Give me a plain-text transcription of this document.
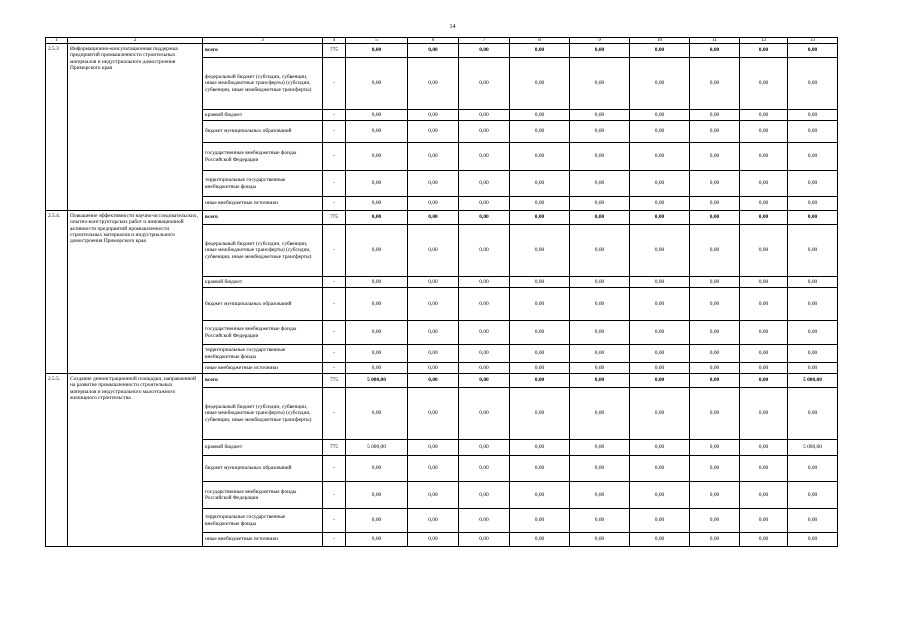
14
1	2	3	4	5	6	7	8	9	10	11	12	13
2.5.3	Информационно-консультационная поддержка предприятий промышленности строительных материалов и индустриального домостроения Приморского края	всего	775	0,00	0,00	0,00	0,00	0,00	0,00	0,00	0,00	0,00
		федеральный бюджет (субсидии, субвенции, иные межбюджетные трансферты) (субсидии, субвенции, иные межбюджетные трансферты)	-	0,00	0,00	0,00	0,00	0,00	0,00	0,00	0,00	0,00
		краевой бюджет	-	0,00	0,00	0,00	0,00	0,00	0,00	0,00	0,00	0,00
		бюджет муниципальных образований	-	0,00	0,00	0,00	0,00	0,00	0,00	0,00	0,00	0,00
		государственные внебюджетные фонды Российской Федерации	-	0,00	0,00	0,00	0,00	0,00	0,00	0,00	0,00	0,00
		территориальные государственные внебюджетные фонды	-	0,00	0,00	0,00	0,00	0,00	0,00	0,00	0,00	0,00
		иные внебюджетные источники	-	0,00	0,00	0,00	0,00	0,00	0,00	0,00	0,00	0,00
2.5.4.	Повышение эффективности научно-исследовательских, опытно-конструкторских работ и инновационной активности предприятий промышленности строительных материалов и индустриального домостроения Приморского края	всего	775	0,00	0,00	0,00	0,00	0,00	0,00	0,00	0,00	0,00
		федеральный бюджет (субсидии, субвенции, иные межбюджетные трансферты) (субсидии, субвенции, иные межбюджетные трансферты)	-	0,00	0,00	0,00	0,00	0,00	0,00	0,00	0,00	0,00
		краевой бюджет	-	0,00	0,00	0,00	0,00	0,00	0,00	0,00	0,00	0,00
		бюджет муниципальных образований	-	0,00	0,00	0,00	0,00	0,00	0,00	0,00	0,00	0,00
		государственные внебюджетные фонды Российской Федерации	-	0,00	0,00	0,00	0,00	0,00	0,00	0,00	0,00	0,00
		территориальные государственные внебюджетные фонды	-	0,00	0,00	0,00	0,00	0,00	0,00	0,00	0,00	0,00
		иные внебюджетные источники	-	0,00	0,00	0,00	0,00	0,00	0,00	0,00	0,00	0,00
2.5.5.	Создание демонстрационной площадки, направленной на развитие промышленности строительных материалов и индустриального малоэтажного жилищного строительства	всего	775	5 000,00	0,00	0,00	0,00	0,00	0,00	0,00	0,00	5 000,00
		федеральный бюджет (субсидии, субвенции, иные межбюджетные трансферты) (субсидии, субвенции, иные межбюджетные трансферты)	-	0,00	0,00	0,00	0,00	0,00	0,00	0,00	0,00	0,00
		краевой бюджет	775	5 000,00	0,00	0,00	0,00	0,00	0,00	0,00	0,00	5 000,00
		бюджет муниципальных образований	-	0,00	0,00	0,00	0,00	0,00	0,00	0,00	0,00	0,00
		государственные внебюджетные фонды Российской Федерации	-	0,00	0,00	0,00	0,00	0,00	0,00	0,00	0,00	0,00
		территориальные государственные внебюджетные фонды	-	0,00	0,00	0,00	0,00	0,00	0,00	0,00	0,00	0,00
		иные внебюджетные источники	-	0,00	0,00	0,00	0,00	0,00	0,00	0,00	0,00	0,00
